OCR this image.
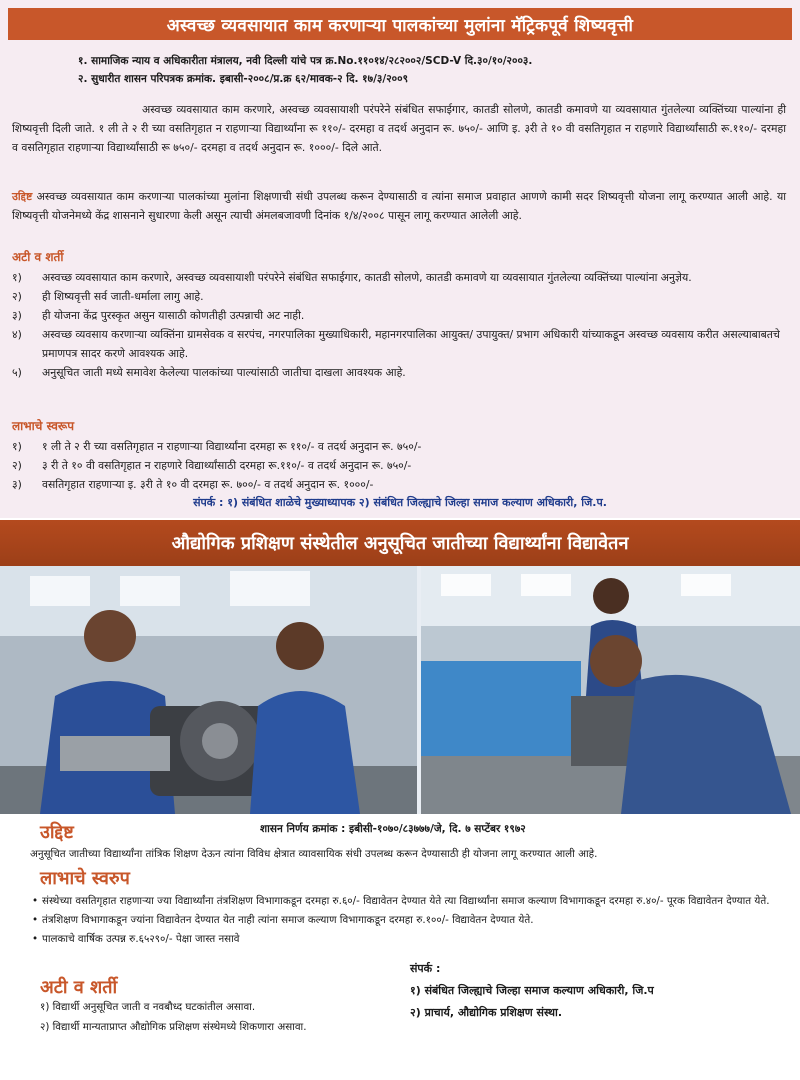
अस्वच्छ व्यवसायात काम करणाऱ्या पालकांच्या मुलांना मॅट्रिकपूर्व शिष्यवृत्ती
१. सामाजिक न्याय व अधिकारीता मंत्रालय, नवी दिल्ली यांचे पत्र क्र.No.११०१४/२८२००२/SCD-V दि.३०/१०/२००३.
२. सुधारीत शासन परिपत्रक क्रमांक. इबासी-२००८/प्र.क्र ६२/मावक-२ दि. १७/३/२००९
अस्वच्छ व्यवसायात काम करणारे, अस्वच्छ व्यवसायाशी परंपरेने संबंधित सफाईगार, कातडी सोलणे, कातडी कमावणे या व्यवसायात गुंतलेल्या व्यक्तिंच्या पाल्यांना ही शिष्यवृत्ती दिली जाते. १ ली ते २ री च्या वसतिगृहात न राहणाऱ्या विद्यार्थ्यांना रू ११०/- दरमहा व तदर्थ अनुदान रू. ७५०/- आणि इ. ३री ते १० वी वसतिगृहात न राहणारे विद्यार्थ्यांसाठी रू.११०/- दरमहा व वसतिगृहात राहणाऱ्या विद्यार्थ्यांसाठी रू ७५०/- दरमहा व तदर्थ अनुदान रू. १०००/- दिले आते.
उद्दिष्ट अस्वच्छ व्यवसायात काम करणाऱ्या पालकांच्या मुलांना शिक्षणाची संधी उपलब्ध करून देण्यासाठी व त्यांना समाज प्रवाहात आणणे कामी सदर शिष्यवृत्ती योजना लागू करण्यात आली आहे. या शिष्यवृत्ती योजनेमध्ये केंद्र शासनाने सुधारणा केली असून त्याची अंमलबजावणी दिनांक १/४/२००८ पासून लागू करण्यात आलेली आहे.
अटी व शर्ती
१)	अस्वच्छ व्यवसायात काम करणारे, अस्वच्छ व्यवसायाशी परंपरेने संबंधित सफाईगार, कातडी सोलणे, कातडी कमावणे या व्यवसायात गुंतलेल्या व्यक्तिंच्या पाल्यांना अनुज्ञेय.
२)	ही शिष्यवृत्ती सर्व जाती-धर्माला लागु आहे.
३)	ही योजना केंद्र पुरस्कृत असुन यासाठी कोणतीही उत्पन्नाची अट नाही.
४)	अस्वच्छ व्यवसाय करणाऱ्या व्यक्तिंना ग्रामसेवक व सरपंच, नगरपालिका मुख्याधिकारी, महानगरपालिका आयुक्त/ उपायुक्त/ प्रभाग अधिकारी यांच्याकडून अस्वच्छ व्यवसाय करीत असल्याबाबतचे प्रमाणपत्र सादर करणे आवश्यक आहे.
५)	अनुसूचित जाती मध्ये समावेश केलेल्या पालकांच्या पाल्यांसाठी जातीचा दाखला आवश्यक आहे.
लाभाचे स्वरूप
१)	१ ली ते २ री च्या वसतिगृहात न राहणाऱ्या विद्यार्थ्यांना दरमहा रू ११०/- व तदर्थ अनुदान रू. ७५०/-
२)	३ री ते १० वी वसतिगृहात न राहणारे विद्यार्थ्यांसाठी दरमहा रू.११०/- व तदर्थ अनुदान रू. ७५०/-
३)	वसतिगृहात राहणाऱ्या इ. ३री ते १० वी दरमहा रू. ७००/- व तदर्थ अनुदान रू. १०००/-
संपर्क : १) संबंधित शाळेचे मुख्याध्यापक २) संबंधित जिल्ह्याचे जिल्हा समाज कल्याण अधिकारी, जि.प.
औद्योगिक प्रशिक्षण संस्थेतील अनुसूचित जातीच्या विद्यार्थ्यांना विद्यावेतन
शासन निर्णय क्रमांक : इबीसी-१०७०/८३७७७/जे, दि. ७ सप्टेंबर १९७२
उद्दिष्ट
अनुसूचित जातीच्या विद्यार्थ्यांना तांत्रिक शिक्षण देऊन त्यांना विविध क्षेत्रात व्यावसायिक संधी उपलब्ध करून देण्यासाठी ही योजना लागू करण्यात आली आहे.
लाभाचे स्वरुप
• संस्थेच्या वसतिगृहात राहणाऱ्या ज्या विद्यार्थ्यांना तंत्रशिक्षण विभागाकडून दरमहा रु.६०/- विद्यावेतन देण्यात येते त्या विद्यार्थ्यांना समाज कल्याण विभागाकडून दरमहा रु.४०/- पूरक विद्यावेतन देण्यात येते.
• तंत्रशिक्षण विभागाकडून ज्यांना विद्यावेतन देण्यात येत नाही त्यांना समाज कल्याण विभागाकडून दरमहा रु.१००/- विद्यावेतन देण्यात येते.
• पालकाचे वार्षिक उत्पन्न रु.६५२९०/- पेक्षा जास्त नसावे
अटी व शर्ती
१) विद्यार्थी अनुसूचित जाती व नवबौध्द घटकांतील असावा.
२) विद्यार्थी मान्यताप्राप्त औद्योगिक प्रशिक्षण संस्थेमध्ये शिकणारा असावा.
संपर्क :
१) संबंधित जिल्ह्याचे जिल्हा समाज कल्याण अधिकारी, जि.प
२) प्राचार्य, औद्योगिक प्रशिक्षण संस्था.
